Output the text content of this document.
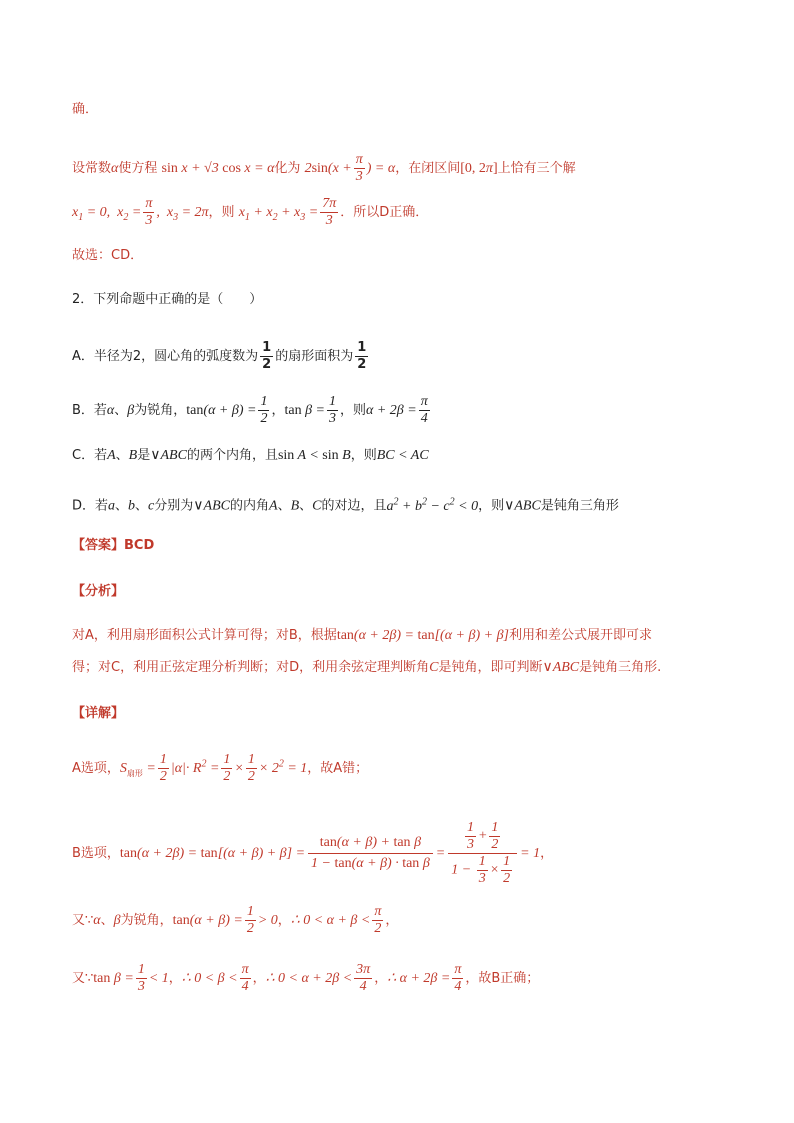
确．
设常数α使方程 sin x + √3 cos x = α化为 $2\sin(x + \frac{\pi}{3}$ ) = α，在闭区间[0, 2π]上恰有三个解
$x_1 = 0$,  $x_2 = \frac{\pi}{3}$ ,  $x_3 = 2\pi$，则 $x_1 + x_2 + x_3 = \frac{7\pi}{3}$ ．所以D正确．
故选：CD．
2．下列命题中正确的是（　　）
A．半径为2，圆心角的弧度数为 $\frac{1}{2}$ 的扇形面积为 $\frac{1}{2}$
B．若α、β为锐角，$\tan(\alpha + \beta) = \frac{1}{2}$ ，$\tan \beta = \frac{1}{3}$ ，则$\alpha + 2\beta = \frac{\pi}{4}$
C．若A、B是∨ABC的两个内角，且sin A < sin B，则BC < AC
D．若a、b、c分别为∨ABC的内角A、B、C的对边，且$a^2 + b^2 - c^2 < 0$，则∨ABC是钝角三角形
【答案】BCD
【分析】
对A，利用扇形面积公式计算可得；对B，根据tan(α + 2β) = tan[(α + β) + β]利用和差公式展开即可求
得；对C，利用正弦定理分析判断；对D，利用余弦定理判断角C是钝角，即可判断∨ABC是钝角三角形.
【详解】
A选项，$S_{扇形} = \frac{1}{2} |\alpha|\cdot R^2 = \frac{1}{2} \times \frac{1}{2} \times 2^2 = 1$，故A错；
B选项，$\tan(\alpha + 2\beta) = \tan[(\alpha + \beta) + \beta] = \frac{\text{tan(α + β) + tan β}}{\text{1 − tan(α + β) · tan β}} = \frac{\frac{1}{3} + \frac{1}{2}}{1 - \frac{1}{3} \times \frac{1}{2}} = 1$，
又∵α、β为锐角，$\tan(\alpha + \beta) = \frac{1}{2} > 0$，∴ $0 < \alpha + \beta < \frac{\pi}{2}$ ，
又∵tan $\beta = \frac{1}{3} < 1$，∴ $0 < \beta < \frac{\pi}{4}$ ，∴ $0 < \alpha + 2\beta < \frac{3\pi}{4}$ ，∴ $\alpha + 2\beta = \frac{\pi}{4}$ ，故B正确；
